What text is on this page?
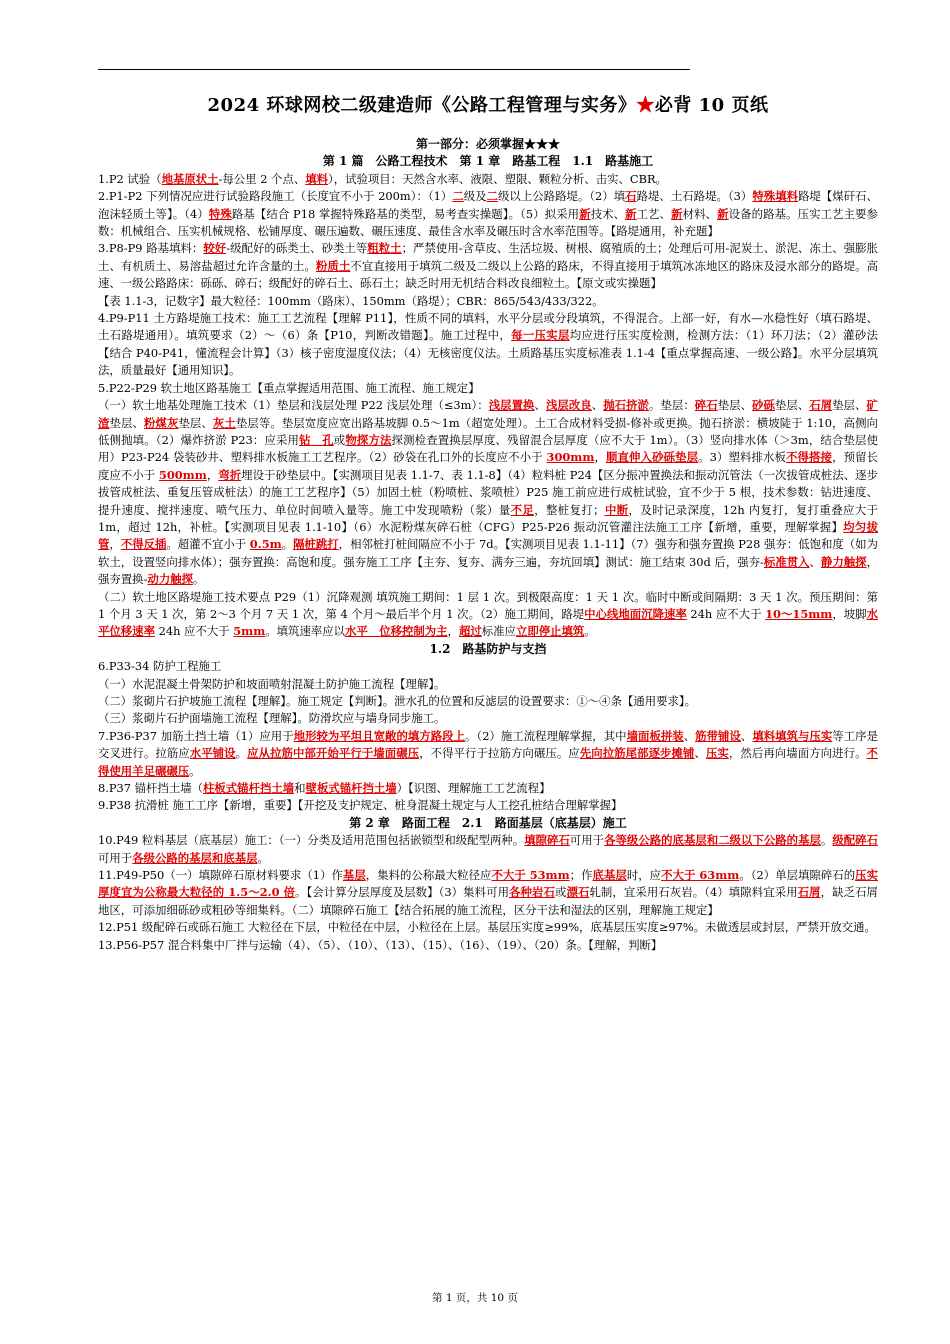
2024 环球网校二级建造师《公路工程管理与实务》★必背 10 页纸
第一部分：必须掌握★★★
第 1 篇　公路工程技术　第 1 章　路基工程　1.1　路基施工

1.P2 试验（地基原状土-每公里 2 个点、填料），试验项目：天然含水率、液限、塑限、颗粒分析、击实、CBR。

2.P1-P2 下列情况应进行试验路段施工（长度宜不小于 200m）：（1）二级及二级以上公路路堤。（2）填石路堤、土石路堤。（3）特殊填料路堤【煤矸石、泡沫轻质土等】。（4）特殊路基【结合 P18 掌握特殊路基的类型，易考查实操题】。（5）拟采用新技术、新工艺、新材料、新设备的路基。压实工艺主要参数：机械组合、压实机械规格、松铺厚度、碾压遍数、碾压速度、最佳含水率及碾压时含水率范围等。【路堤通用，补充题】

3.P8-P9 路基填料：较好-级配好的砾类土、砂类土等粗粒土；严禁使用-含草皮、生活垃圾、树根、腐殖质的土；处理后可用-泥炭土、淤泥、冻土、强膨胀土、有机质土、易溶盐超过允许含量的土。粉质土不宜直接用于填筑二级及二级以上公路的路床，不得直接用于填筑冰冻地区的路床及浸水部分的路堤。高速、一级公路路床：砾砾、碎石；级配好的碎石土、砾石土；缺乏时用无机结合料改良细粒土。【原文或实操题】

【表 1.1-3，记数字】最大粒径：100mm（路床）、150mm（路堤）；CBR：865/543/433/322。

4.P9-P11 土方路堤施工技术：施工工艺流程【理解 P11】，性质不同的填料，水平分层或分段填筑，不得混合。上部一好，有水—水稳性好（填石路堤、土石路堤通用）。填筑要求（2）～（6）条【P10，判断改错题】。施工过程中，每一压实层均应进行压实度检测，检测方法：（1）环刀法；（2）灌砂法【结合 P40-P41，懂流程会计算】（3）核子密度湿度仪法；（4）无核密度仪法。土质路基压实度标准表 1.1-4【重点掌握高速、一级公路】。水平分层填筑法，质量最好【通用知识】。

5.P22-P29 软土地区路基施工【重点掌握适用范围、施工流程、施工规定】

（一）软土地基处理施工技术（1）垫层和浅层处理 P22 浅层处理（≤3m）：浅层置换、浅层改良、抛石挤淤。垫层：碎石垫层、砂砾垫层、石屑垫层、矿渣垫层、粉煤灰垫层、灰土垫层等。垫层宽度应宽出路基坡脚 0.5～1m（超宽处理）。土工合成材料受损-修补或更换。抛石挤淤：横坡陡于 1:10，高侧向低侧抛填。（2）爆炸挤淤 P23：应采用钻　孔或物探方法探测检查置换层厚度、残留混合层厚度（应不大于 1m）。（3）竖向排水体（＞3m，结合垫层使用）P23-P24 袋装砂井、塑料排水板施工工艺程序。（2）砂袋在孔口外的长度应不小于 300mm，顺直伸入砂砾垫层。3）塑料排水板不得搭接，预留长度应不小于 500mm，弯折埋设于砂垫层中。【实测项目见表 1.1-7、表 1.1-8】（4）粒料桩 P24【区分振冲置换法和振动沉管法（一次拔管成桩法、逐步拔管成桩法、重复压管成桩法）的施工工艺程序】（5）加固土桩（粉喷桩、浆喷桩）P25 施工前应进行成桩试验，宜不少于 5 根，技术参数：钻进速度、提升速度、搅拌速度、喷气压力、单位时间喷入量等。施工中发现喷粉（浆）量不足，整桩复打；中断，及时记录深度，12h 内复打，复打重叠应大于 1m，超过 12h，补桩。【实测项目见表 1.1-10】（6）水泥粉煤灰碎石桩（CFG）P25-P26 振动沉管灌注法施工工序【新增，重要，理解掌握】均匀拔管，不得反插。超灌不宜小于 0.5m。隔桩跳打，相邻桩打桩间隔应不小于 7d。【实测项目见表 1.1-11】（7）强夯和强夯置换 P28 强夯：低饱和度（如为软土，设置竖向排水体）；强夯置换：高饱和度。强夯施工工序【主夯、复夯、满夯三遍，夯坑回填】测试：施工结束 30d 后，强夯-标准贯入、静力触探，强夯置换-动力触探。

（二）软土地区路堤施工技术要点 P29（1）沉降观测 填筑施工期间：1 层 1 次。到极限高度：1 天 1 次。临时中断或间隔期：3 天 1 次。预压期间：第 1 个月 3 天 1 次，第 2～3 个月 7 天 1 次，第 4 个月～最后半个月 1 次。（2）施工期间，路堤中心线地面沉降速率 24h 应不大于 10～15mm，坡脚水平位移速率 24h 应不大于 5mm。填筑速率应以水平　位移控制为主，超过标准应立即停止填筑。

1.2　路基防护与支挡

6.P33-34 防护工程施工

（一）水泥混凝土骨架防护和坡面喷射混凝土防护施工流程【理解】。

（二）浆砌片石护坡施工流程【理解】。施工规定【判断】。泄水孔的位置和反滤层的设置要求：①～④条【通用要求】。

（三）浆砌片石护面墙施工流程【理解】。防滑坎应与墙身同步施工。

7.P36-P37 加筋土挡土墙（1）应用于地形较为平坦且宽敞的填方路段上。（2）施工流程理解掌握，其中墙面板拼装、筋带铺设、填料填筑与压实等工序是交叉进行。拉筋应水平铺设。应从拉筋中部开始平行于墙面碾压，不得平行于拉筋方向碾压。应先向拉筋尾部逐步摊铺、压实，然后再向墙面方向进行。不得使用羊足碾碾压。

8.P37 锚杆挡土墙（柱板式锚杆挡土墙和壁板式锚杆挡土墙）【识图、理解施工工艺流程】

9.P38 抗滑桩 施工工序【新增，重要】【开挖及支护规定、桩身混凝土规定与人工挖孔桩结合理解掌握】

第 2 章　路面工程　2.1　路面基层（底基层）施工

10.P49 粒料基层（底基层）施工：（一）分类及适用范围包括嵌锁型和级配型两种。填隙碎石可用于各等级公路的底基层和二级以下公路的基层。级配碎石可用于各级公路的基层和底基层。

11.P49-P50（一）填隙碎石原材料要求（1）作基层，集料的公称最大粒径应不大于 53mm；作底基层时，应不大于 63mm。（2）单层填隙碎石的压实厚度宜为公称最大粒径的 1.5～2.0 倍。【会计算分层厚度及层数】（3）集料可用各种岩石或漂石轧制，宜采用石灰岩。（4）填隙料宜采用石屑，缺乏石屑地区，可添加细砾砂或粗砂等细集料。（二）填隙碎石施工【结合拓展的施工流程，区分干法和湿法的区别，理解施工规定】

12.P51 级配碎石或砾石施工 大粒径在下层，中粒径在中层，小粒径在上层。基层压实度≥99%，底基层压实度≥97%。未做透层或封层，严禁开放交通。

13.P56-P57 混合料集中厂拌与运输（4）、（5）、（10）、（13）、（15）、（16）、（19）、（20）条。【理解，判断】

第 1 页，共 10 页
